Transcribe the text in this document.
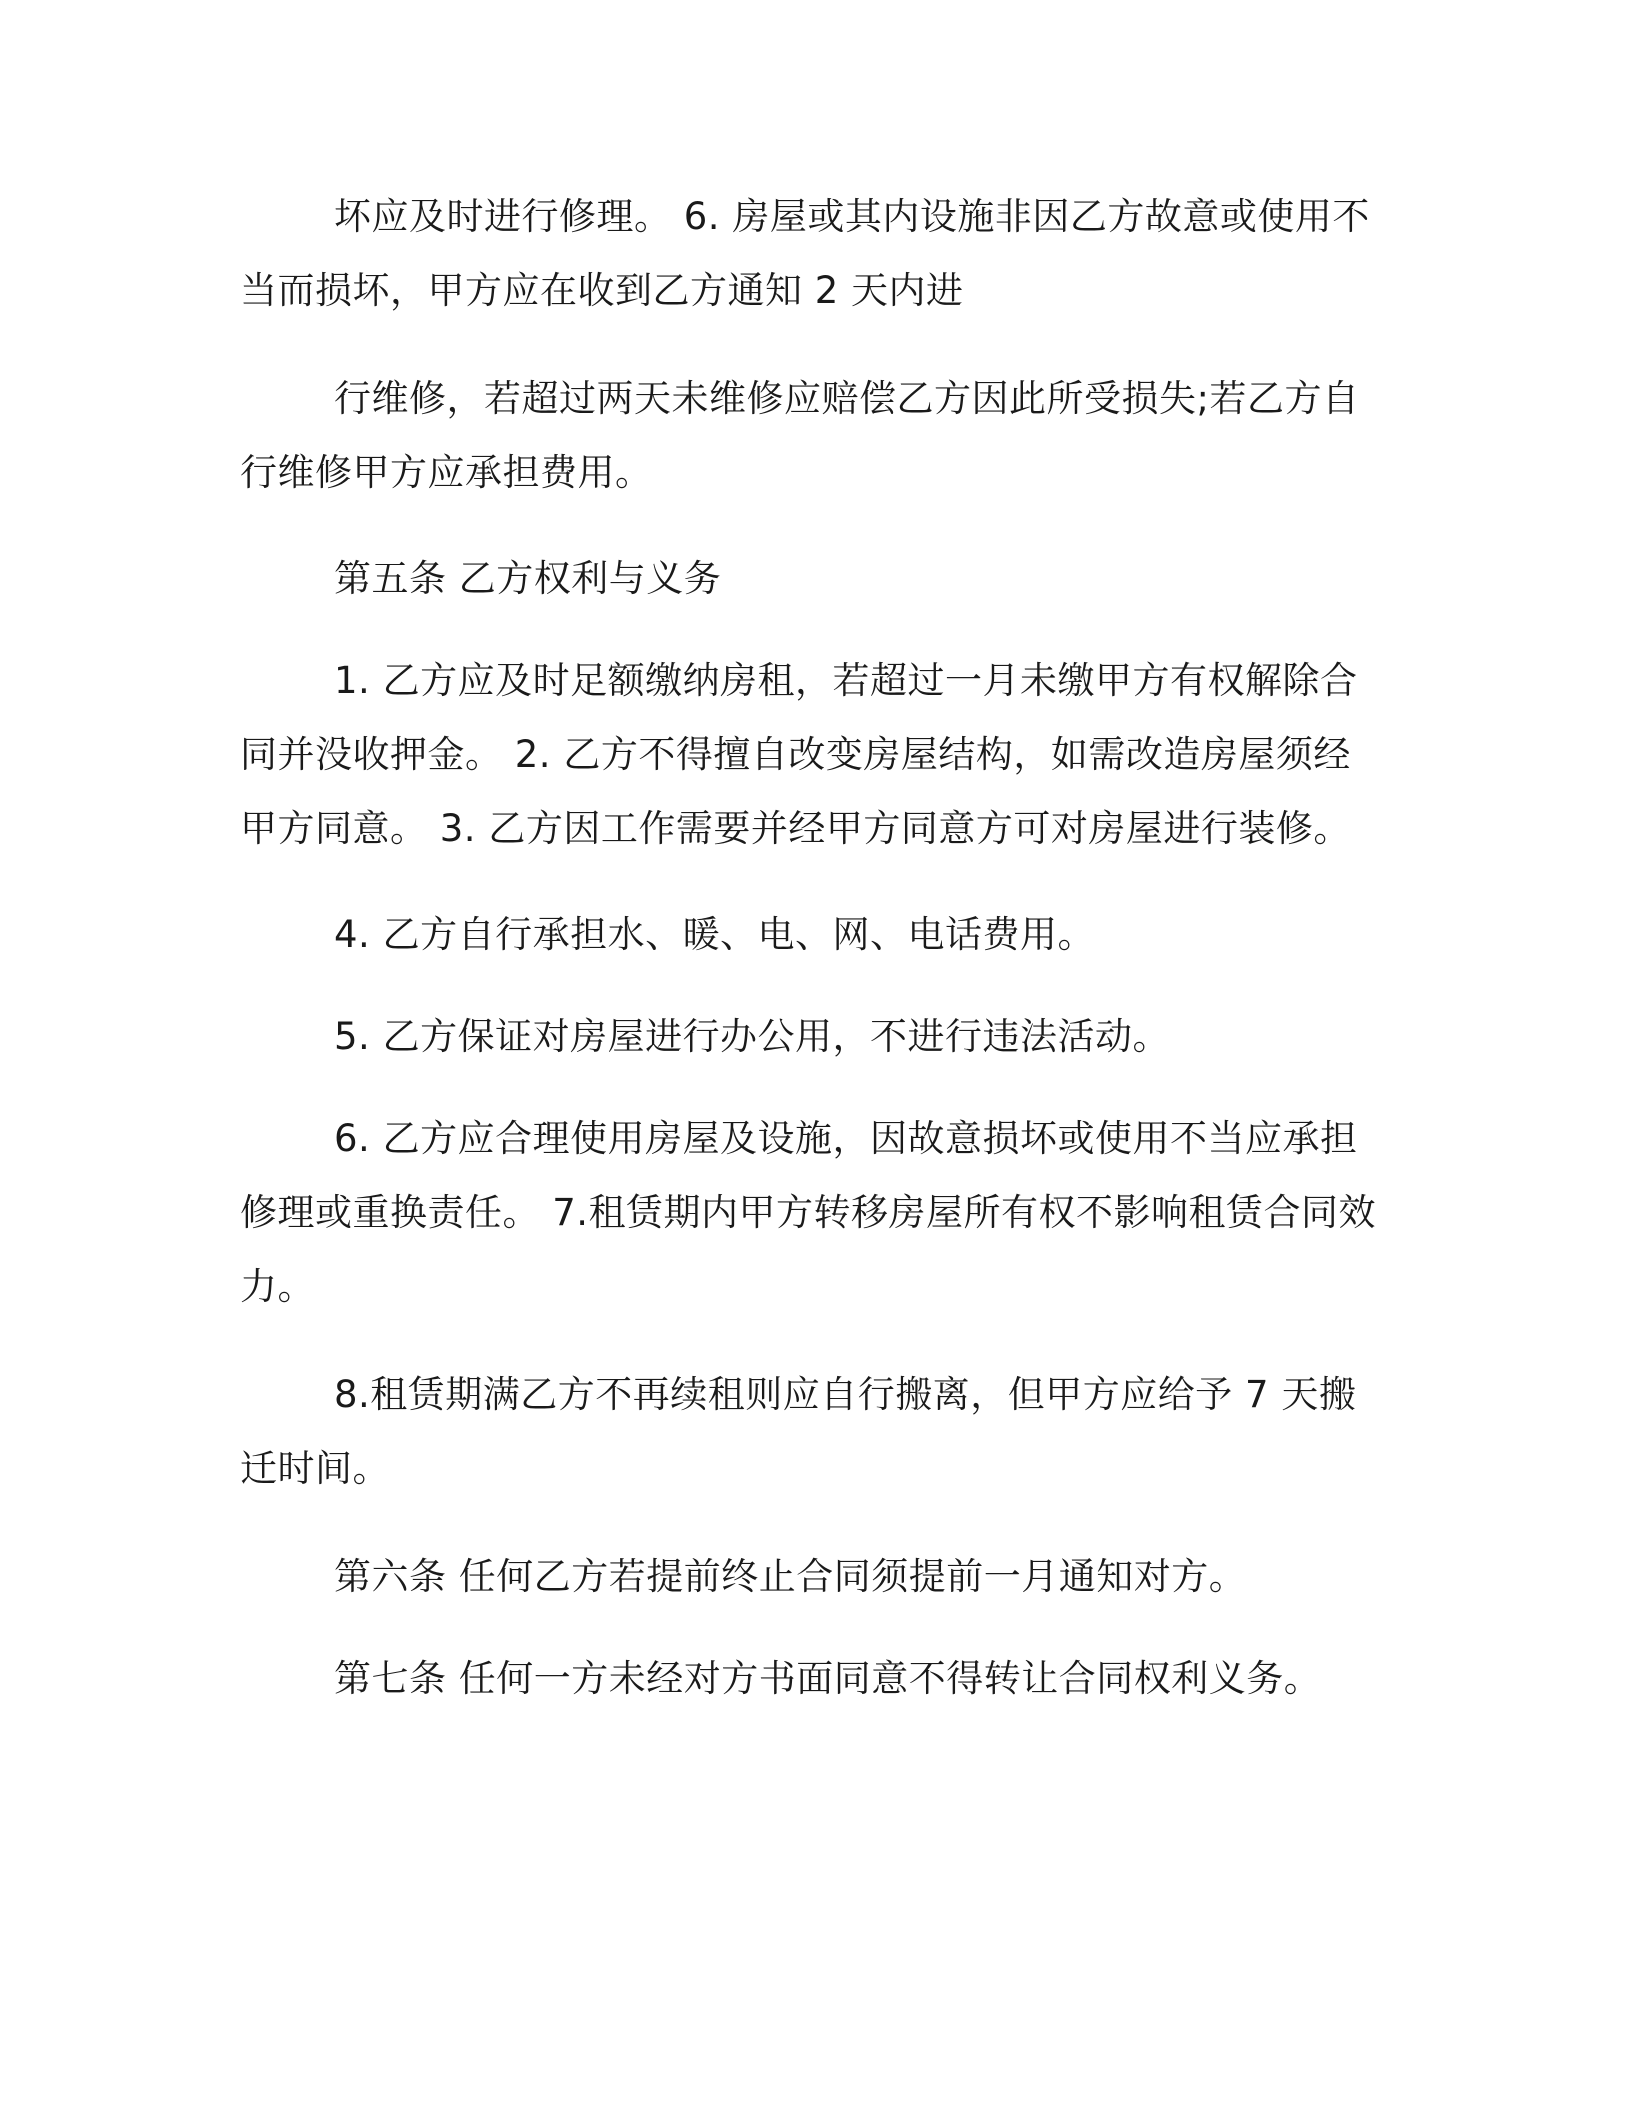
坏应及时进行修理。 6. 房屋或其内设施非因乙方故意或使用不当而损坏，甲方应在收到乙方通知 2 天内进

行维修，若超过两天未维修应赔偿乙方因此所受损失;若乙方自行维修甲方应承担费用。

第五条 乙方权利与义务

1. 乙方应及时足额缴纳房租，若超过一月未缴甲方有权解除合同并没收押金。 2. 乙方不得擅自改变房屋结构，如需改造房屋须经甲方同意。 3. 乙方因工作需要并经甲方同意方可对房屋进行装修。

4. 乙方自行承担水、暖、电、网、电话费用。

5. 乙方保证对房屋进行办公用，不进行违法活动。

6. 乙方应合理使用房屋及设施，因故意损坏或使用不当应承担修理或重换责任。 7.租赁期内甲方转移房屋所有权不影响租赁合同效力。

8.租赁期满乙方不再续租则应自行搬离，但甲方应给予 7 天搬迁时间。

第六条 任何乙方若提前终止合同须提前一月通知对方。

第七条 任何一方未经对方书面同意不得转让合同权利义务。
